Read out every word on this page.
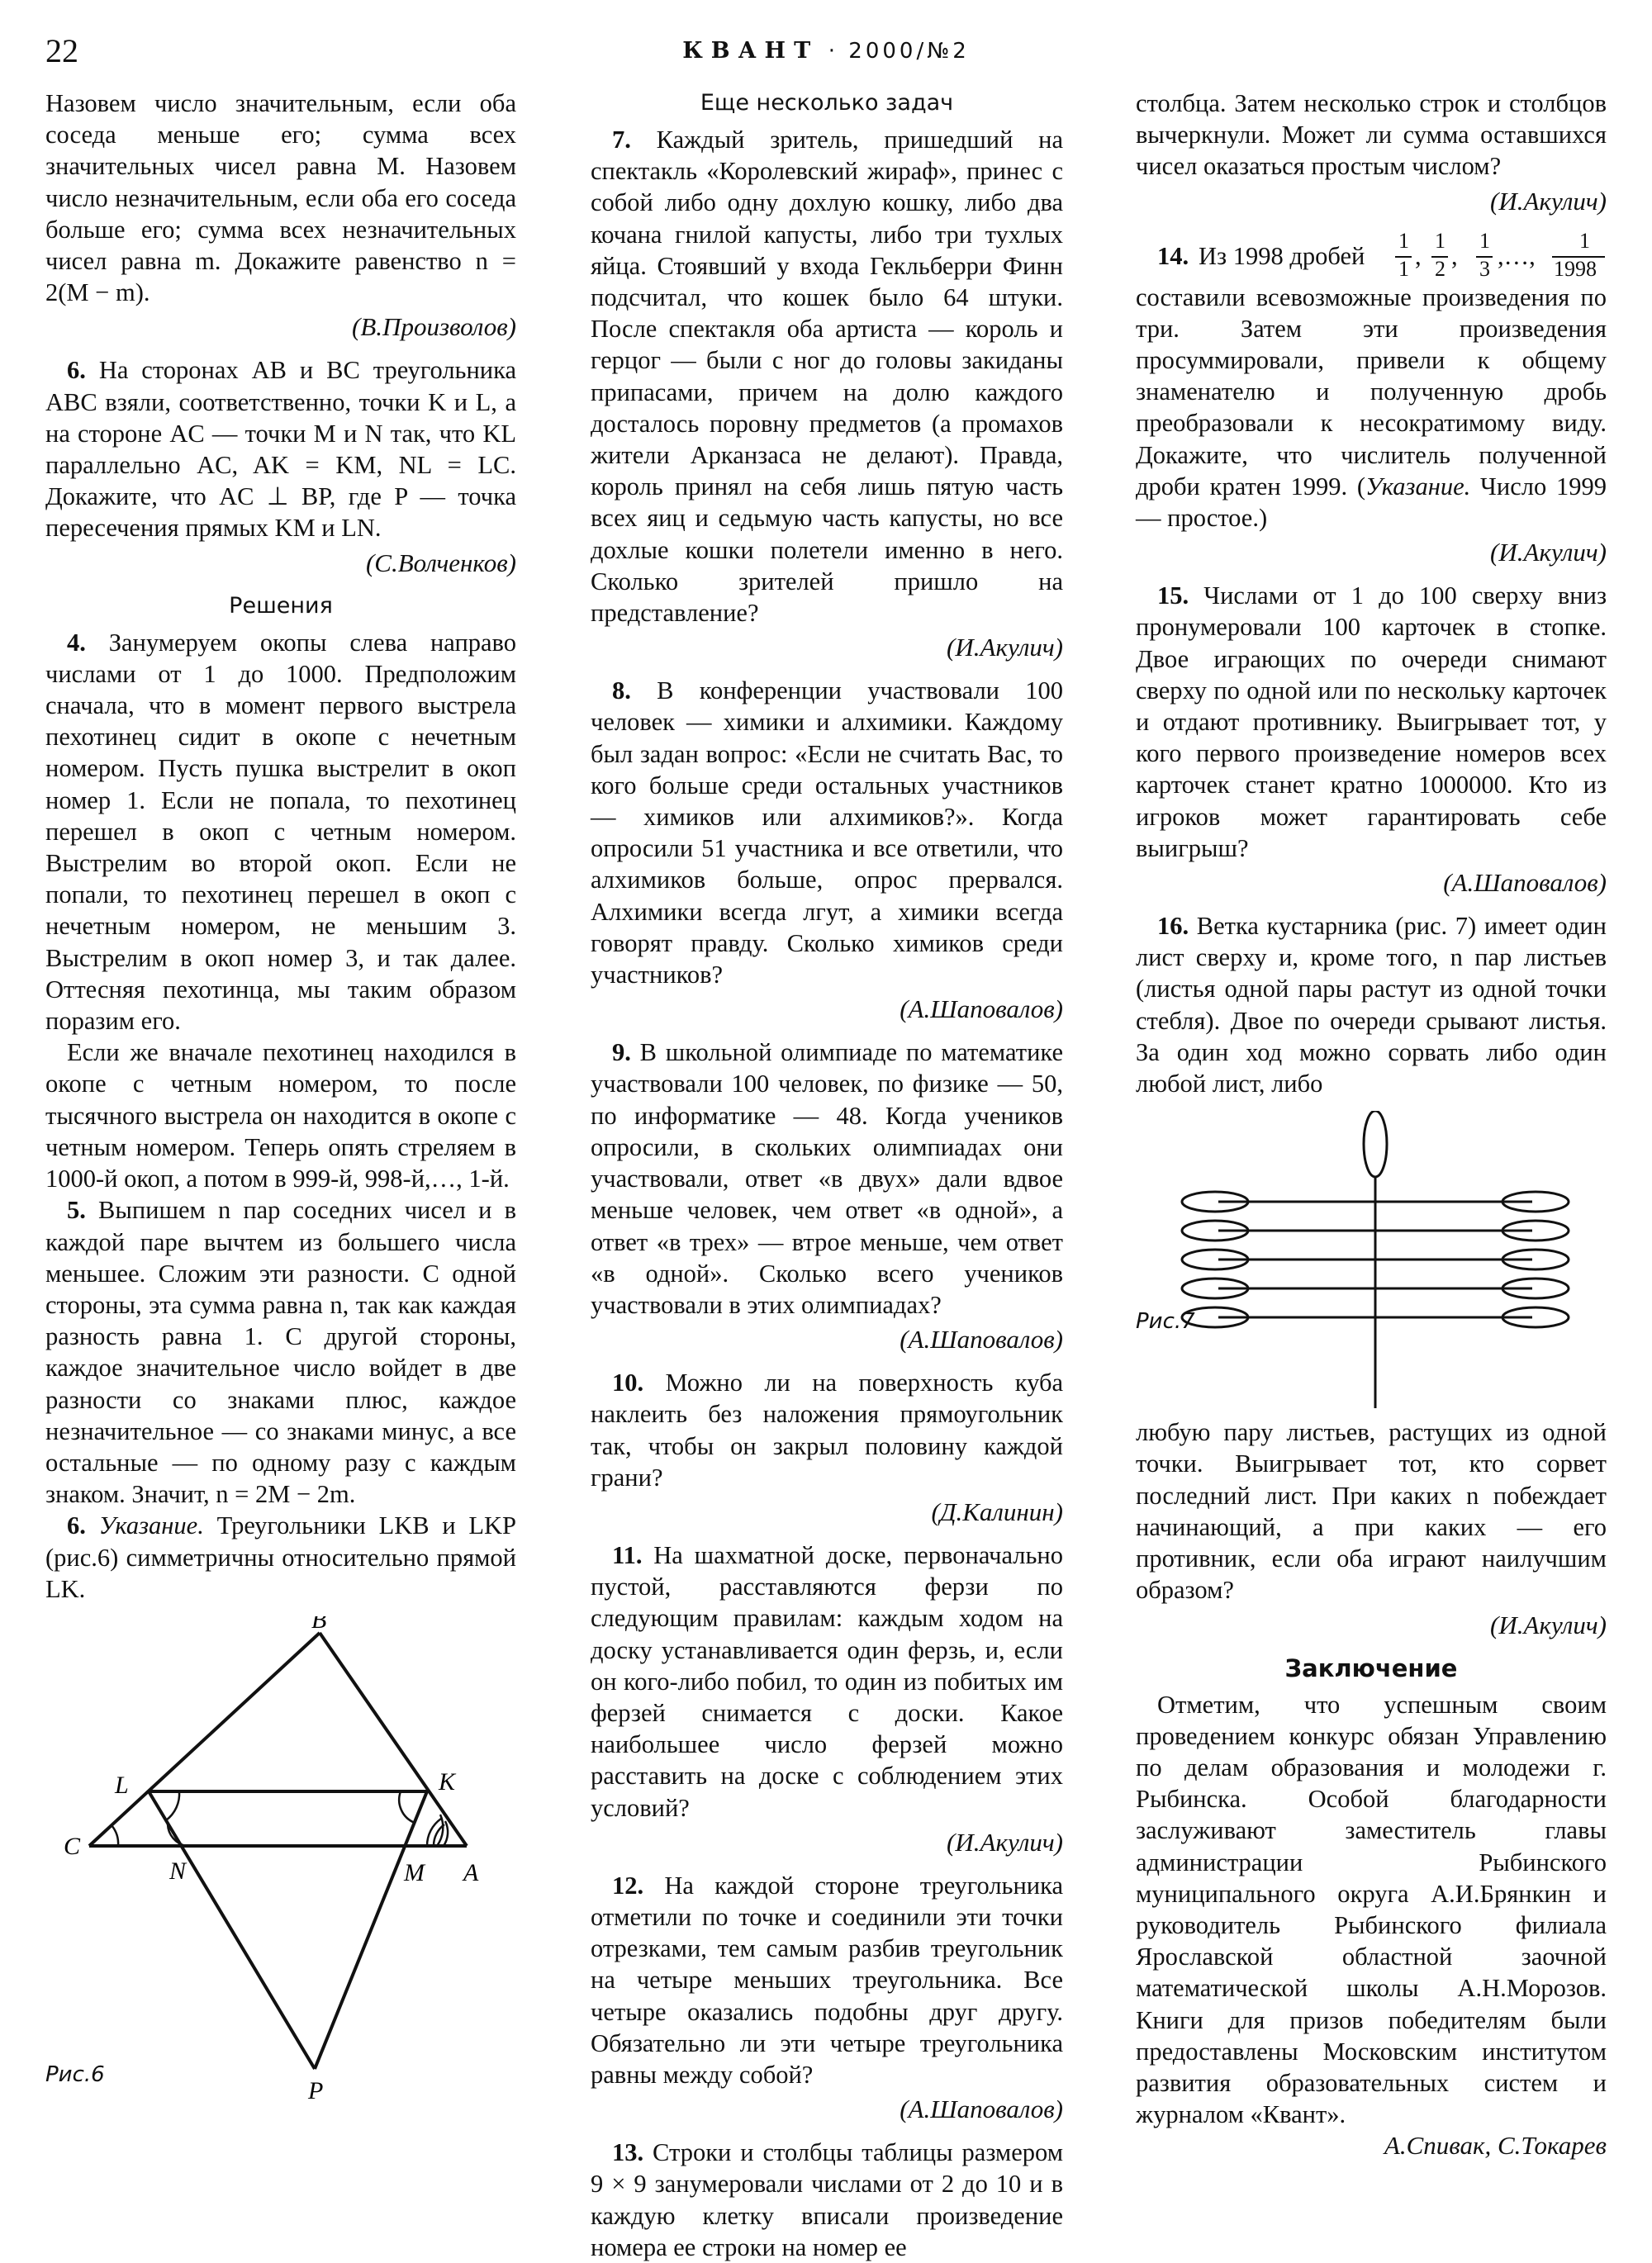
22	КВАНТ · 2000/№2

Назовем число значительным, если оба соседа меньше его; сумма всех значительных чисел равна M. Назовем число незначительным, если оба его соседа больше его; сумма всех незначительных чисел равна m. Докажите равенство n = 2(M − m).

(В.Произволов)

6. На сторонах AB и BC треугольника ABC взяли, соответственно, точки K и L, а на стороне AC — точки M и N так, что KL параллельно AC, AK = KM, NL = LC. Докажите, что AC ⊥ BP, где P — точка пересечения прямых KM и LN.

(С.Волченков)
Решения

4. Занумеруем окопы слева направо числами от 1 до 1000. Предположим сначала, что в момент первого выстрела пехотинец сидит в окопе с нечетным номером. Пусть пушка выстрелит в окоп номер 1. Если не попала, то пехотинец перешел в окоп с четным номером. Выстрелим во второй окоп. Если не попали, то пехотинец перешел в окоп с нечетным номером, не меньшим 3. Выстрелим в окоп номер 3, и так далее. Оттесняя пехотинца, мы таким образом поразим его.

Если же вначале пехотинец находился в окопе с четным номером, то после тысячного выстрела он находится в окопе с четным номером. Теперь опять стреляем в 1000-й окоп, а потом в 999-й, 998-й,…, 1-й.

5. Выпишем n пар соседних чисел и в каждой паре вычтем из большего числа меньшее. Сложим эти разности. С одной стороны, эта сумма равна n, так как каждая разность равна 1. С другой стороны, каждое значительное число войдет в две разности со знаками плюс, каждое незначительное — со знаками минус, а все остальные — по одному разу с каждым знаком. Значит, n = 2M − 2m.

6. Указание. Треугольники LKB и LKP (рис.6) симметричны относительно прямой LK.

B
L	K
C
N	M A
P
Рис.6
Еще несколько задач

7. Каждый зритель, пришедший на спектакль «Королевский жираф», принес с собой либо одну дохлую кошку, либо два кочана гнилой капусты, либо три тухлых яйца. Стоявший у входа Гекльберри Финн подсчитал, что кошек было 64 штуки. После спектакля оба артиста — король и герцог — были с ног до головы закиданы припасами, причем на долю каждого досталось поровну предметов (а промахов жители Арканзаса не делают). Правда, король принял на себя лишь пятую часть всех яиц и седьмую часть капусты, но все дохлые кошки полетели именно в него. Сколько зрителей пришло на представление?

(И.Акулич)

8. В конференции участвовали 100 человек — химики и алхимики. Каждому был задан вопрос: «Если не считать Вас, то кого больше среди остальных участников — химиков или алхимиков?». Когда опросили 51 участника и все ответили, что алхимиков больше, опрос прервался. Алхимики всегда лгут, а химики всегда говорят правду. Сколько химиков среди участников?

(А.Шаповалов)

9. В школьной олимпиаде по математике участвовали 100 человек, по физике — 50, по информатике — 48. Когда учеников опросили, в скольких олимпиадах они участвовали, ответ «в двух» дали вдвое меньше человек, чем ответ «в одной», а ответ «в трех» — втрое меньше, чем ответ «в одной». Сколько всего учеников участвовали в этих олимпиадах?

(А.Шаповалов)

10. Можно ли на поверхность куба наклеить без наложения прямоугольник так, чтобы он закрыл половину каждой грани?

(Д.Калинин)

11. На шахматной доске, первоначально пустой, расставляются ферзи по следующим правилам: каждым ходом на доску устанавливается один ферзь, и, если он кого-либо побил, то один из побитых им ферзей снимается с доски. Какое наибольшее число ферзей можно расставить на доске с соблюдением этих условий?

(И.Акулич)

12. На каждой стороне треугольника отметили по точке и соединили эти точки отрезками, тем самым разбив треугольник на четыре меньших треугольника. Все четыре оказались подобны друг другу. Обязательно ли эти четыре треугольника равны между собой?

(А.Шаповалов)

13. Строки и столбцы таблицы размером 9 × 9 занумеровали числами от 2 до 10 и в каждую клетку вписали произведение номера ее строки на номер ее

столбца. Затем несколько строк и столбцов вычеркнули. Может ли сумма оставшихся чисел оказаться простым числом?

(И.Акулич)
14. Из 1998 дробей
1
1 ,
1
2 ,
1
3 ,…,
1
1998

составили всевозможные произведения по три. Затем эти произведения просуммировали, привели к общему знаменателю и полученную дробь преобразовали к несократимому виду. Докажите, что числитель полученной дроби кратен 1999. (Указание. Число 1999 — простое.)

(И.Акулич)

15. Числами от 1 до 100 сверху вниз пронумеровали 100 карточек в стопке. Двое играющих по очереди снимают сверху по одной или по нескольку карточек и отдают противнику. Выигрывает тот, у кого первого произведение номеров всех карточек станет кратно 1000000. Кто из игроков может гарантировать себе выигрыш?

(А.Шаповалов)

16. Ветка кустарника (рис. 7) имеет один лист сверху и, кроме того, n пар листьев (листья одной пары растут из одной точки стебля). Двое по очереди срывают листья. За один ход можно сорвать либо один любой лист, либо

Рис.7

любую пару листьев, растущих из одной точки. Выигрывает тот, кто сорвет последний лист. При каких n побеждает начинающий, а при каких — его противник, если оба играют наилучшим образом?

(И.Акулич)
Заключение

Отметим, что успешным своим проведением конкурс обязан Управлению по делам образования и молодежи г. Рыбинска. Особой благодарности заслуживают заместитель главы администрации Рыбинского муниципального округа А.И.Брянкин и руководитель Рыбинского филиала Ярославской областной заочной математической школы А.Н.Морозов. Книги для призов победителям были предоставлены Московским институтом развития образовательных систем и журналом «Квант».

А.Спивак, С.Токарев
